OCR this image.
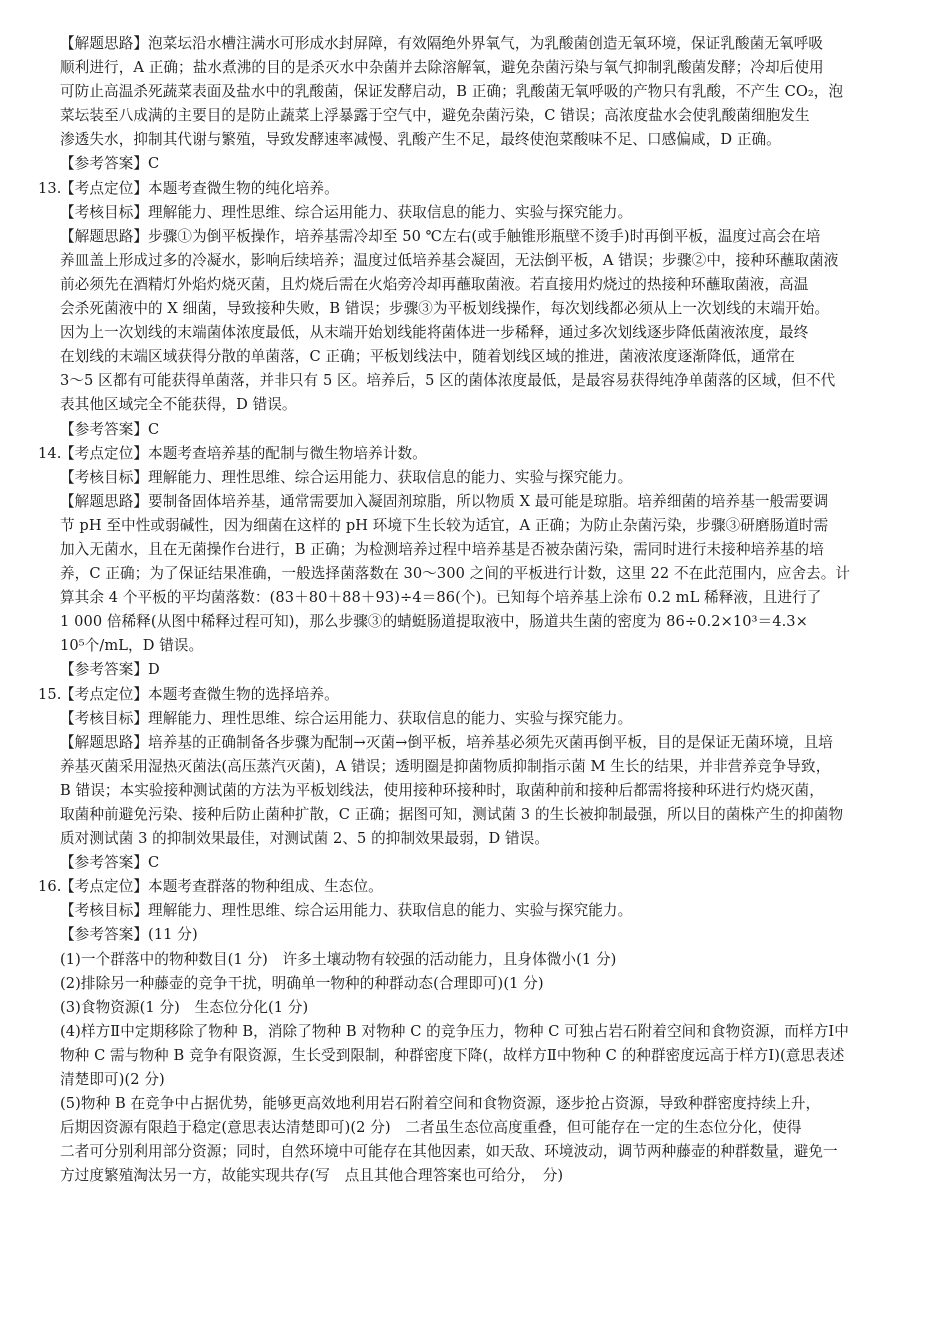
【解题思路】泡菜坛沿水槽注满水可形成水封屏障，有效隔绝外界氧气，为乳酸菌创造无氧环境，保证乳酸菌无氧呼吸
顺利进行，A 正确；盐水煮沸的目的是杀灭水中杂菌并去除溶解氧，避免杂菌污染与氧气抑制乳酸菌发酵；冷却后使用
可防止高温杀死蔬菜表面及盐水中的乳酸菌，保证发酵启动，B 正确；乳酸菌无氧呼吸的产物只有乳酸，不产生 CO₂，泡
菜坛装至八成满的主要目的是防止蔬菜上浮暴露于空气中，避免杂菌污染，C 错误；高浓度盐水会使乳酸菌细胞发生
渗透失水，抑制其代谢与繁殖，导致发酵速率减慢、乳酸产生不足，最终使泡菜酸味不足、口感偏咸，D 正确。
【参考答案】C
13.【考点定位】本题考查微生物的纯化培养。
【考核目标】理解能力、理性思维、综合运用能力、获取信息的能力、实验与探究能力。
【解题思路】步骤①为倒平板操作，培养基需冷却至 50 ℃左右(或手触锥形瓶壁不烫手)时再倒平板，温度过高会在培
养皿盖上形成过多的冷凝水，影响后续培养；温度过低培养基会凝固，无法倒平板，A 错误；步骤②中，接种环蘸取菌液
前必须先在酒精灯外焰灼烧灭菌，且灼烧后需在火焰旁冷却再蘸取菌液。若直接用灼烧过的热接种环蘸取菌液，高温
会杀死菌液中的 X 细菌，导致接种失败，B 错误；步骤③为平板划线操作，每次划线都必须从上一次划线的末端开始。
因为上一次划线的末端菌体浓度最低，从末端开始划线能将菌体进一步稀释，通过多次划线逐步降低菌液浓度，最终
在划线的末端区域获得分散的单菌落，C 正确；平板划线法中，随着划线区域的推进，菌液浓度逐渐降低，通常在
3～5 区都有可能获得单菌落，并非只有 5 区。培养后，5 区的菌体浓度最低，是最容易获得纯净单菌落的区域，但不代
表其他区域完全不能获得，D 错误。
【参考答案】C
14.【考点定位】本题考查培养基的配制与微生物培养计数。
【考核目标】理解能力、理性思维、综合运用能力、获取信息的能力、实验与探究能力。
【解题思路】要制备固体培养基，通常需要加入凝固剂琼脂，所以物质 X 最可能是琼脂。培养细菌的培养基一般需要调
节 pH 至中性或弱碱性，因为细菌在这样的 pH 环境下生长较为适宜，A 正确；为防止杂菌污染，步骤③研磨肠道时需
加入无菌水，且在无菌操作台进行，B 正确；为检测培养过程中培养基是否被杂菌污染，需同时进行未接种培养基的培
养，C 正确；为了保证结果准确，一般选择菌落数在 30～300 之间的平板进行计数，这里 22 不在此范围内，应舍去。计
算其余 4 个平板的平均菌落数：(83＋80＋88＋93)÷4＝86(个)。已知每个培养基上涂布 0.2 mL 稀释液，且进行了
1 000 倍稀释(从图中稀释过程可知)，那么步骤③的蜻蜓肠道提取液中，肠道共生菌的密度为 86÷0.2×10³＝4.3×
10⁵个/mL，D 错误。
【参考答案】D
15.【考点定位】本题考查微生物的选择培养。
【考核目标】理解能力、理性思维、综合运用能力、获取信息的能力、实验与探究能力。
【解题思路】培养基的正确制备各步骤为配制→灭菌→倒平板，培养基必须先灭菌再倒平板，目的是保证无菌环境，且培
养基灭菌采用湿热灭菌法(高压蒸汽灭菌)，A 错误；透明圈是抑菌物质抑制指示菌 M 生长的结果，并非营养竞争导致，
B 错误；本实验接种测试菌的方法为平板划线法，使用接种环接种时，取菌种前和接种后都需将接种环进行灼烧灭菌，
取菌种前避免污染、接种后防止菌种扩散，C 正确；据图可知，测试菌 3 的生长被抑制最强，所以目的菌株产生的抑菌物
质对测试菌 3 的抑制效果最佳，对测试菌 2、5 的抑制效果最弱，D 错误。
【参考答案】C
16.【考点定位】本题考查群落的物种组成、生态位。
【考核目标】理解能力、理性思维、综合运用能力、获取信息的能力、实验与探究能力。
【参考答案】(11 分)
(1)一个群落中的物种数目(1 分)　许多土壤动物有较强的活动能力，且身体微小(1 分)
(2)排除另一种藤壶的竞争干扰，明确单一物种的种群动态(合理即可)(1 分)
(3)食物资源(1 分)　生态位分化(1 分)
(4)样方Ⅱ中定期移除了物种 B，消除了物种 B 对物种 C 的竞争压力，物种 C 可独占岩石附着空间和食物资源，而样方Ⅰ中
物种 C 需与物种 B 竞争有限资源，生长受到限制，种群密度下降(，故样方Ⅱ中物种 C 的种群密度远高于样方Ⅰ)(意思表述
清楚即可)(2 分)
(5)物种 B 在竞争中占据优势，能够更高效地利用岩石附着空间和食物资源，逐步抢占资源，导致种群密度持续上升，
后期因资源有限趋于稳定(意思表达清楚即可)(2 分)　二者虽生态位高度重叠，但可能存在一定的生态位分化，使得
二者可分别利用部分资源；同时，自然环境中可能存在其他因素，如天敌、环境波动，调节两种藤壶的种群数量，避免一
方过度繁殖淘汰另一方，故能实现共存(写　点且其他合理答案也可给分，　分)
